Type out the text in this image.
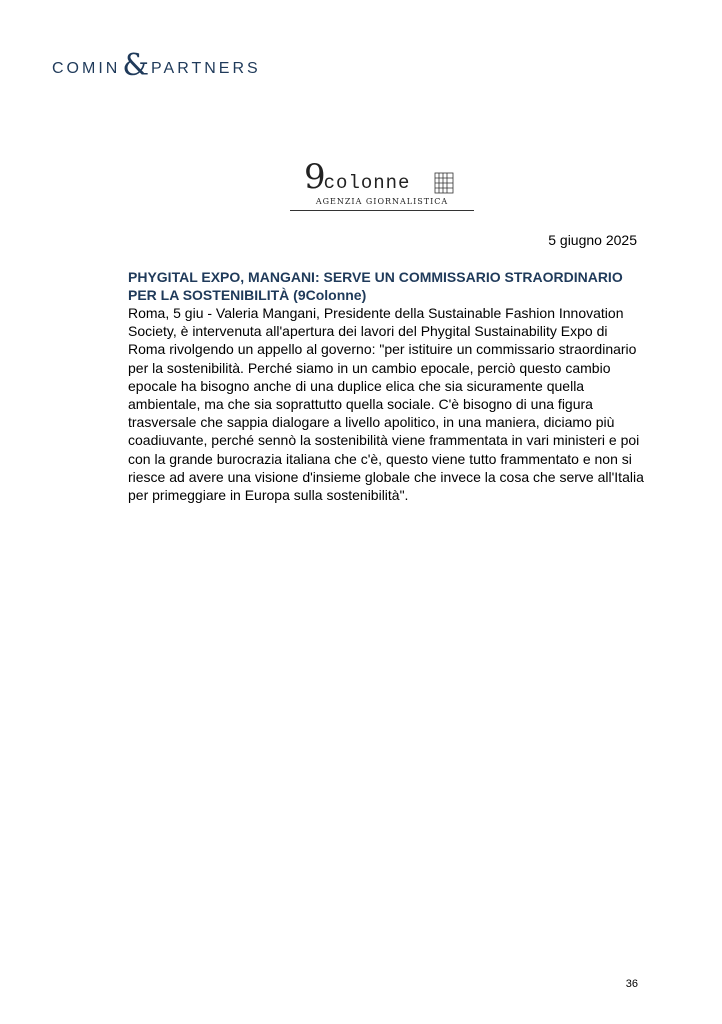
COMIN & PARTNERS
9colonne
AGENZIA GIORNALISTICA
5 giugno 2025

PHYGITAL EXPO, MANGANI: SERVE UN COMMISSARIO STRAORDINARIO PER LA SOSTENIBILITÀ (9Colonne)

Roma, 5 giu - Valeria Mangani, Presidente della Sustainable Fashion Innovation Society, è intervenuta all'apertura dei lavori del Phygital Sustainability Expo di Roma rivolgendo un appello al governo: "per istituire un commissario straordinario per la sostenibilità. Perché siamo in un cambio epocale, perciò questo cambio epocale ha bisogno anche di una duplice elica che sia sicuramente quella ambientale, ma che sia soprattutto quella sociale. C'è bisogno di una figura trasversale che sappia dialogare a livello apolitico, in una maniera, diciamo più coadiuvante, perché sennò la sostenibilità viene frammentata in vari ministeri e poi con la grande burocrazia italiana che c'è, questo viene tutto frammentato e non si riesce ad avere una visione d'insieme globale che invece la cosa che serve all'Italia per primeggiare in Europa sulla sostenibilità".

36
